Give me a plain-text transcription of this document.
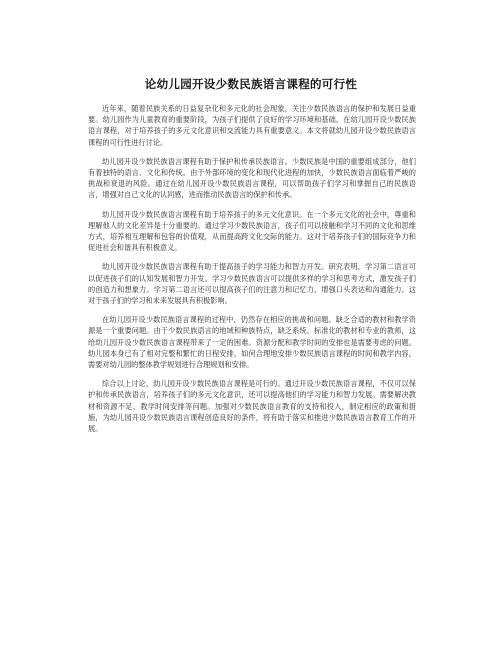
论幼儿园开设少数民族语言课程的可行性

近年来，随着民族关系的日益复杂化和多元化的社会现象，关注少数民族语言的保护和发展日益重要。幼儿园作为儿童教育的重要阶段，为孩子们提供了良好的学习环境和基础。在幼儿园开设少数民族语言课程，对于培养孩子的多元文化意识和交流能力具有重要意义。本文将就幼儿园开设少数民族语言课程的可行性进行讨论。

幼儿园开设少数民族语言课程有助于保护和传承民族语言。少数民族是中国的重要组成部分，他们有着独特的语言、文化和传统。由于外部环境的变化和现代化进程的加快，少数民族语言面临着严峻的挑战和衰退的风险。通过在幼儿园开设少数民族语言课程，可以帮助孩子们学习和掌握自己的民族语言，增强对自己文化的认同感，进而推动民族语言的保护和传承。

幼儿园开设少数民族语言课程有助于培养孩子的多元文化意识。在一个多元文化的社会中，尊重和理解他人的文化差异是十分重要的。通过学习少数民族语言，孩子们可以接触和学习不同的文化和思维方式，培养相互理解和包容的价值观，从而提高跨文化交际的能力。这对于培养孩子们的国际竞争力和促进社会和谐具有积极意义。

幼儿园开设少数民族语言课程有助于提高孩子的学习能力和智力开发。研究表明，学习第二语言可以促进孩子们的认知发展和智力开发。学习少数民族语言可以提供多样的学习和思考方式，激发孩子们的创造力和想象力。学习第二语言还可以提高孩子们的注意力和记忆力，增强口头表达和沟通能力。这对于孩子们的学习和未来发展具有积极影响。

在幼儿园开设少数民族语言课程的过程中，仍然存在相应的挑战和问题。缺乏合适的教材和教学资源是一个重要问题。由于少数民族语言的地域和种族特点，缺乏系统、标准化的教材和专业的教师，这给幼儿园开设少数民族语言课程带来了一定的困难。资源分配和教学时间的安排也是需要考虑的问题。幼儿园本身已有了相对完整和繁忙的日程安排，如何合理地安排少数民族语言课程的时间和教学内容，需要对幼儿园的整体教学规划进行合理规划和安排。

综合以上讨论，幼儿园开设少数民族语言课程是可行的。通过开设少数民族语言课程，不仅可以保护和传承民族语言，培养孩子们的多元文化意识，还可以提高他们的学习能力和智力发展。需要解决教材和资源不足、教学时间安排等问题。加强对少数民族语言教育的支持和投入，制定相应的政策和措施，为幼儿园开设少数民族语言课程创造良好的条件，将有助于落实和推进少数民族语言教育工作的开展。
